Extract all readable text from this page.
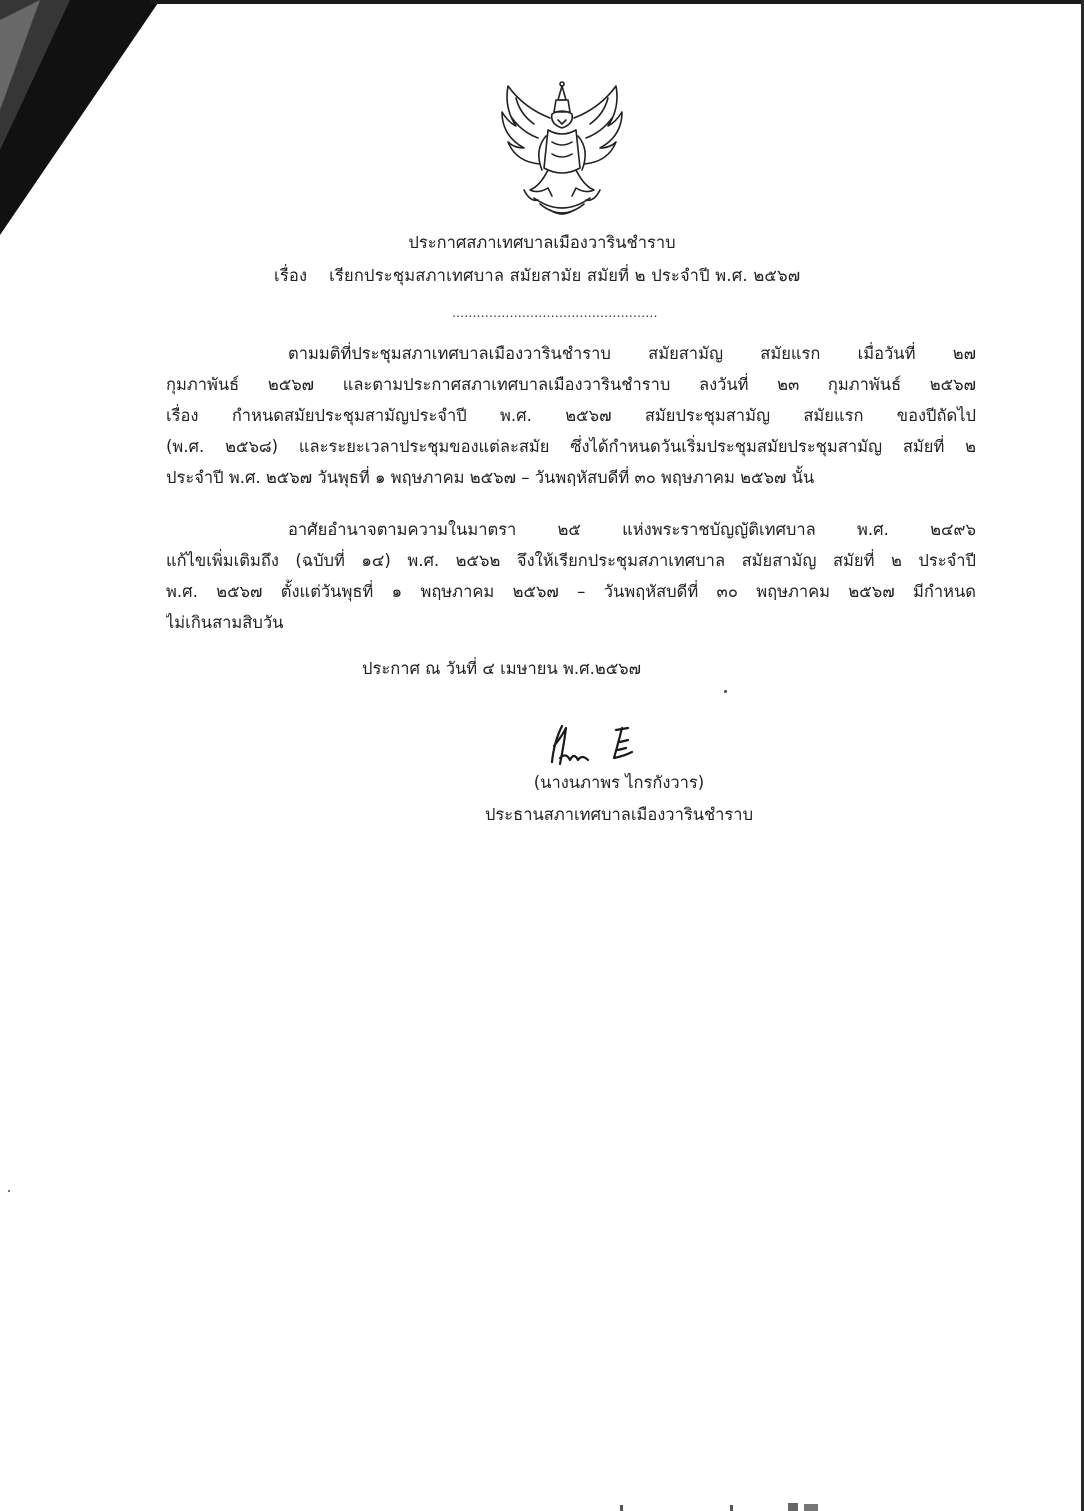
ประกาศสภาเทศบาลเมืองวารินชำราบ
เรื่อง เรียกประชุมสภาเทศบาล สมัยสามัย สมัยที่ ๒ ประจำปี พ.ศ. ๒๕๖๗
..................................................
ตามมติที่ประชุมสภาเทศบาลเมืองวารินชำราบ สมัยสามัญ สมัยแรก เมื่อวันที่ ๒๗
กุมภาพันธ์ ๒๕๖๗ และตามประกาศสภาเทศบาลเมืองวารินชำราบ ลงวันที่ ๒๓ กุมภาพันธ์ ๒๕๖๗
เรื่อง กำหนดสมัยประชุมสามัญประจำปี พ.ศ. ๒๕๖๗ สมัยประชุมสามัญ สมัยแรก ของปีถัดไป
(พ.ศ. ๒๕๖๘) และระยะเวลาประชุมของแต่ละสมัย ซึ่งได้กำหนดวันเริ่มประชุมสมัยประชุมสามัญ สมัยที่ ๒
ประจำปี พ.ศ. ๒๕๖๗ วันพุธที่ ๑ พฤษภาคม ๒๕๖๗ – วันพฤหัสบดีที่ ๓๐ พฤษภาคม ๒๕๖๗ นั้น
อาศัยอำนาจตามความในมาตรา ๒๕ แห่งพระราชบัญญัติเทศบาล พ.ศ. ๒๔๙๖
แก้ไขเพิ่มเติมถึง (ฉบับที่ ๑๔) พ.ศ. ๒๕๖๒ จึงให้เรียกประชุมสภาเทศบาล สมัยสามัญ สมัยที่ ๒ ประจำปี
พ.ศ. ๒๕๖๗ ตั้งแต่วันพุธที่ ๑ พฤษภาคม ๒๕๖๗ – วันพฤหัสบดีที่ ๓๐ พฤษภาคม ๒๕๖๗ มีกำหนด
ไม่เกินสามสิบวัน
ประกาศ ณ วันที่ ๔ เมษายน พ.ศ.๒๕๖๗
(นางนภาพร ไกรกังวาร)
ประธานสภาเทศบาลเมืองวารินชำราบ
